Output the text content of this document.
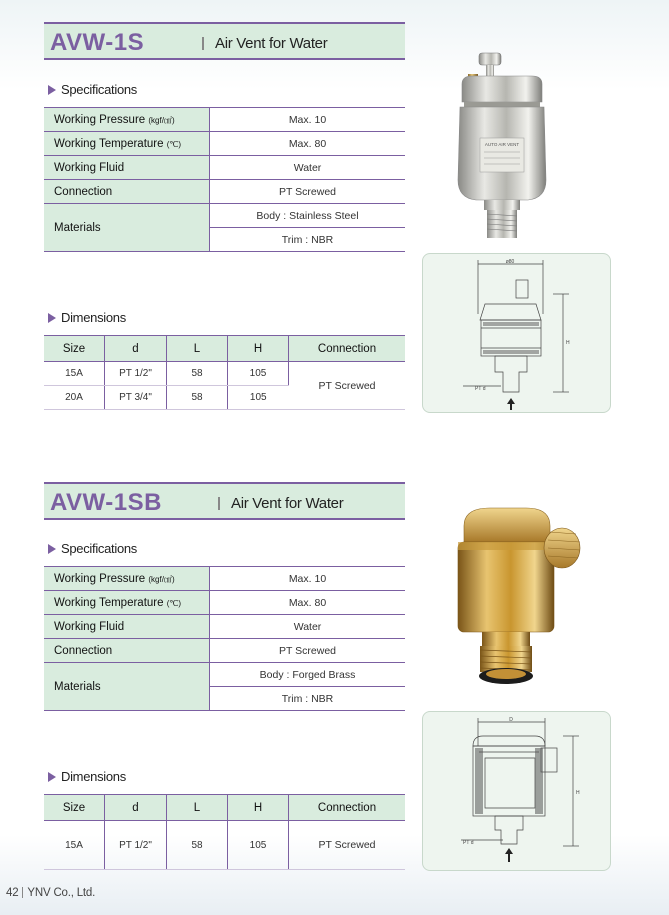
AVW-1S	Air Vent for Water
Specifications
Working Pressure (kgf/㎠)	Max. 10
Working Temperature (℃)	Max. 80
Working Fluid	Water
Connection	PT Screwed
Materials	Body : Stainless Steel
	Trim : NBR
Dimensions
Size	d	L	H	Connection
15A	PT 1/2"	58	105	PT Screwed
20A	PT 3/4"	58	105	
AUTO AIR VENT
ø80
H
PT d
AVW-1SB	Air Vent for Water
Specifications
Working Pressure (kgf/㎠)	Max. 10
Working Temperature (℃)	Max. 80
Working Fluid	Water
Connection	PT Screwed
Materials	Body : Forged Brass
	Trim : NBR
Dimensions
Size	d	L	H	Connection
15A	PT 1/2"	58	105	PT Screwed
D
H
PT d
42 YNV Co., Ltd.
